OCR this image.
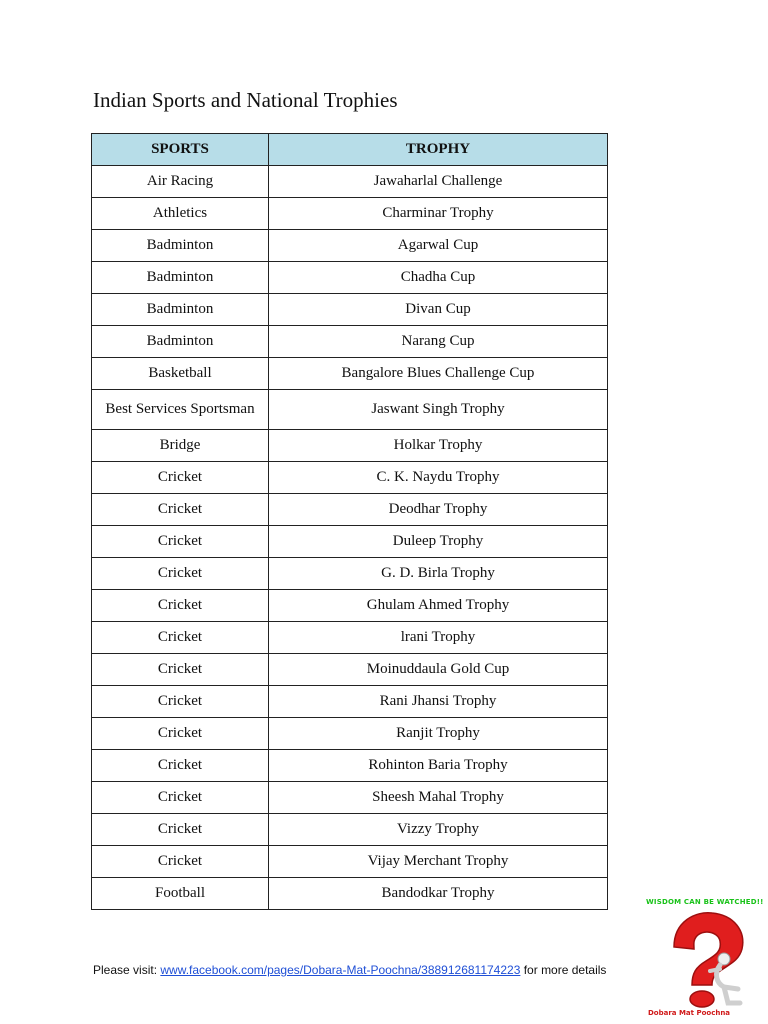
Indian Sports and National Trophies
SPORTS	TROPHY
Air Racing	Jawaharlal Challenge
Athletics	Charminar Trophy
Badminton	Agarwal Cup
Badminton	Chadha Cup
Badminton	Divan Cup
Badminton	Narang Cup
Basketball	Bangalore Blues Challenge Cup
Best Services Sportsman	Jaswant Singh Trophy
Bridge	Holkar Trophy
Cricket	C. K. Naydu Trophy
Cricket	Deodhar Trophy
Cricket	Duleep Trophy
Cricket	G. D. Birla Trophy
Cricket	Ghulam Ahmed Trophy
Cricket	lrani Trophy
Cricket	Moinuddaula Gold Cup
Cricket	Rani Jhansi Trophy
Cricket	Ranjit Trophy
Cricket	Rohinton Baria Trophy
Cricket	Sheesh Mahal Trophy
Cricket	Vizzy Trophy
Cricket	Vijay Merchant Trophy
Football	Bandodkar Trophy
Please visit: www.facebook.com/pages/Dobara-Mat-Poochna/388912681174223 for more details
WISDOM CAN BE WATCHED!!
Dobara Mat Poochna
